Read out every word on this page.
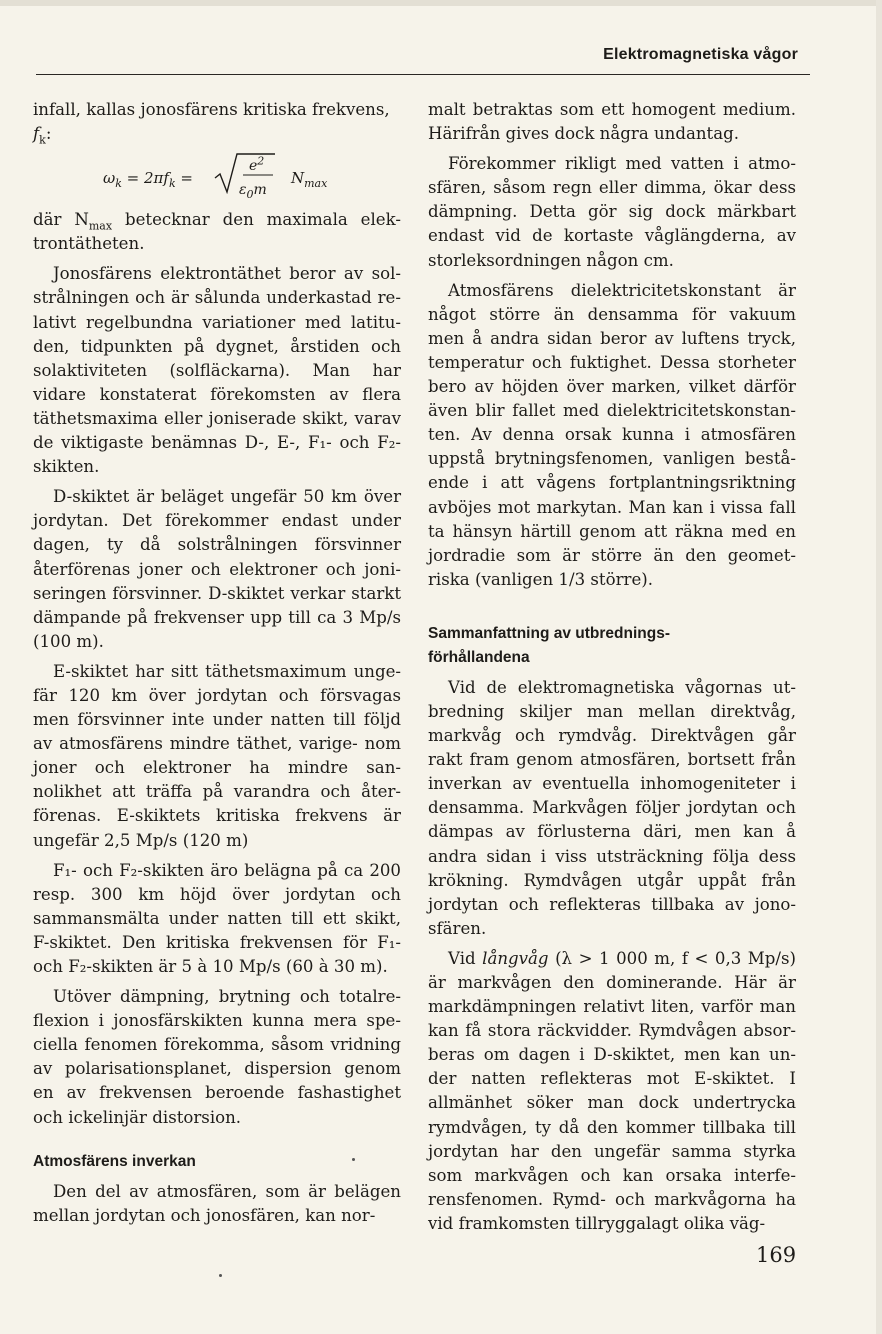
Elektromagnetiska vågor

infall, kallas jonosfärens kritiska frekvens,
$f_k$:

$\omega_k = 2\pi f_k$ =
$e^2$
$\varepsilon_0m$
$N_{max}$

där $N_{max}$ betecknar den maximala elek- trontätheten.

Jonosfärens elektrontäthet beror av sol- strålningen och är sålunda underkastad re- lativt regelbundna variationer med latitu- den, tidpunkten på dygnet, årstiden och solaktiviteten (solfläckarna). Man har vidare konstaterat förekomsten av flera täthetsmaxima eller joniserade skikt, varav de viktigaste benämnas D-, E-, F₁- och F₂-skikten.

D-skiktet är beläget ungefär 50 km över jordytan. Det förekommer endast under dagen, ty då solstrålningen försvinner återförenas joner och elektroner och joni- seringen försvinner. D-skiktet verkar starkt dämpande på frekvenser upp till ca 3 Mp/s (100 m).

E-skiktet har sitt täthetsmaximum unge- fär 120 km över jordytan och försvagas men försvinner inte under natten till följd av atmosfärens mindre täthet, varige- nom joner och elektroner ha mindre san- nolikhet att träffa på varandra och åter- förenas. E-skiktets kritiska frekvens är ungefär 2,5 Mp/s (120 m)

F₁- och F₂-skikten äro belägna på ca 200 resp. 300 km höjd över jordytan och sammansmälta under natten till ett skikt, F-skiktet. Den kritiska frekvensen för F₁- och F₂-skikten är 5 à 10 Mp/s (60 à 30 m).

Utöver dämpning, brytning och totalre- flexion i jonosfärskikten kunna mera spe- ciella fenomen förekomma, såsom vridning av polarisationsplanet, dispersion genom en av frekvensen beroende fashastighet och ickelinjär distorsion.

Atmosfärens inverkan

Den del av atmosfären, som är belägen mellan jordytan och jonosfären, kan nor-

malt betraktas som ett homogent medium. Härifrån gives dock några undantag.

Förekommer rikligt med vatten i atmo- sfären, såsom regn eller dimma, ökar dess dämpning. Detta gör sig dock märkbart endast vid de kortaste våglängderna, av storleksordningen någon cm.

Atmosfärens dielektricitetskonstant är något större än densamma för vakuum men å andra sidan beror av luftens tryck, temperatur och fuktighet. Dessa storheter bero av höjden över marken, vilket därför även blir fallet med dielektricitetskonstan- ten. Av denna orsak kunna i atmosfären uppstå brytningsfenomen, vanligen bestå- ende i att vågens fortplantningsriktning avböjes mot markytan. Man kan i vissa fall ta hänsyn härtill genom att räkna med en jordradie som är större än den geomet- riska (vanligen 1/3 större).

Sammanfattning av utbrednings- förhållandena

Vid de elektromagnetiska vågornas ut- bredning skiljer man mellan direktvåg, markvåg och rymdvåg. Direktvågen går rakt fram genom atmosfären, bortsett från inverkan av eventuella inhomogeniteter i densamma. Markvågen följer jordytan och dämpas av förlusterna däri, men kan å andra sidan i viss utsträckning följa dess krökning. Rymdvågen utgår uppåt från jordytan och reflekteras tillbaka av jono- sfären.

Vid långvåg (λ > 1 000 m, f < 0,3 Mp/s) är markvågen den dominerande. Här är markdämpningen relativt liten, varför man kan få stora räckvidder. Rymdvågen absor- beras om dagen i D-skiktet, men kan un- der natten reflekteras mot E-skiktet. I allmänhet söker man dock undertrycka rymdvågen, ty då den kommer tillbaka till jordytan har den ungefär samma styrka som markvågen och kan orsaka interfe- rensfenomen. Rymd- och markvågorna ha vid framkomsten tillryggalagt olika väg-

169
